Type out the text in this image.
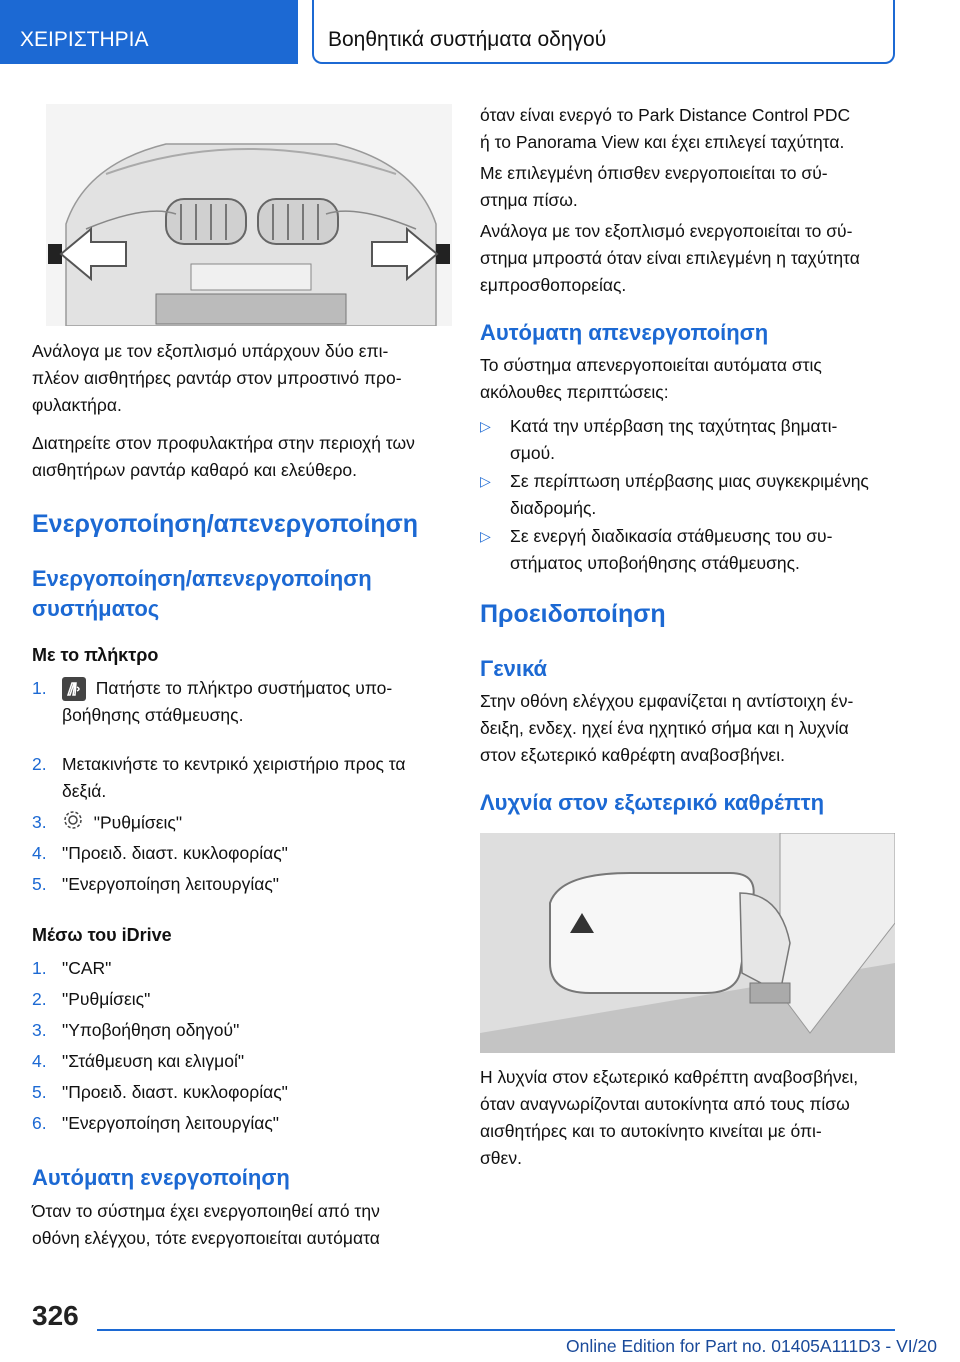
ΧΕΙΡΙΣΤΗΡΙΑ	Βοηθητικά συστήματα οδηγού

Ανάλογα με τον εξοπλισμό υπάρχουν δύο επι-
πλέον αισθητήρες ραντάρ στον μπροστινό προ-
φυλακτήρα.

Διατηρείτε στον προφυλακτήρα στην περιοχή των
αισθητήρων ραντάρ καθαρό και ελεύθερο.

Ενεργοποίηση/απενεργοποίηση
Ενεργοποίηση/απενεργοποίηση
συστήματος
Με το πλήκτρο
1.	Πατήστε το πλήκτρο συστήματος υπο-
βοήθησης στάθμευσης.
2. Μετακινήστε το κεντρικό χειριστήριο προς τα
δεξιά.
3.	"Ρυθμίσεις"
4. "Προειδ. διαστ. κυκλοφορίας"
5. "Ενεργοποίηση λειτουργίας"
Μέσω του iDrive
1. "CAR"
2. "Ρυθμίσεις"
3. "Υποβοήθηση οδηγού"
4. "Στάθμευση και ελιγμοί"
5. "Προειδ. διαστ. κυκλοφορίας"
6. "Ενεργοποίηση λειτουργίας"
Αυτόματη ενεργοποίηση

Όταν το σύστημα έχει ενεργοποιηθεί από την
οθόνη ελέγχου, τότε ενεργοποιείται αυτόματα

όταν είναι ενεργό το Park Distance Control PDC
ή το Panorama View και έχει επιλεγεί ταχύτητα.

Με επιλεγμένη όπισθεν ενεργοποιείται το σύ-
στημα πίσω.

Ανάλογα με τον εξοπλισμό ενεργοποιείται το σύ-
στημα μπροστά όταν είναι επιλεγμένη η ταχύτητα
εμπροσθοπορείας.

Αυτόματη απενεργοποίηση

Το σύστημα απενεργοποιείται αυτόματα στις
ακόλουθες περιπτώσεις:

▷ Κατά την υπέρβαση της ταχύτητας βηματι-
σμού.
▷ Σε περίπτωση υπέρβασης μιας συγκεκριμένης
διαδρομής.
▷ Σε ενεργή διαδικασία στάθμευσης του συ-
στήματος υποβοήθησης στάθμευσης.
Προειδοποίηση
Γενικά

Στην οθόνη ελέγχου εμφανίζεται η αντίστοιχη έν-
δειξη, ενδεχ. ηχεί ένα ηχητικό σήμα και η λυχνία
στον εξωτερικό καθρέφτη αναβοσβήνει.

Λυχνία στον εξωτερικό καθρέπτη

Η λυχνία στον εξωτερικό καθρέπτη αναβοσβήνει,
όταν αναγνωρίζονται αυτοκίνητα από τους πίσω
αισθητήρες και το αυτοκίνητο κινείται με όπι-
σθεν.

326
Online Edition for Part no. 01405A111D3 - VI/20
